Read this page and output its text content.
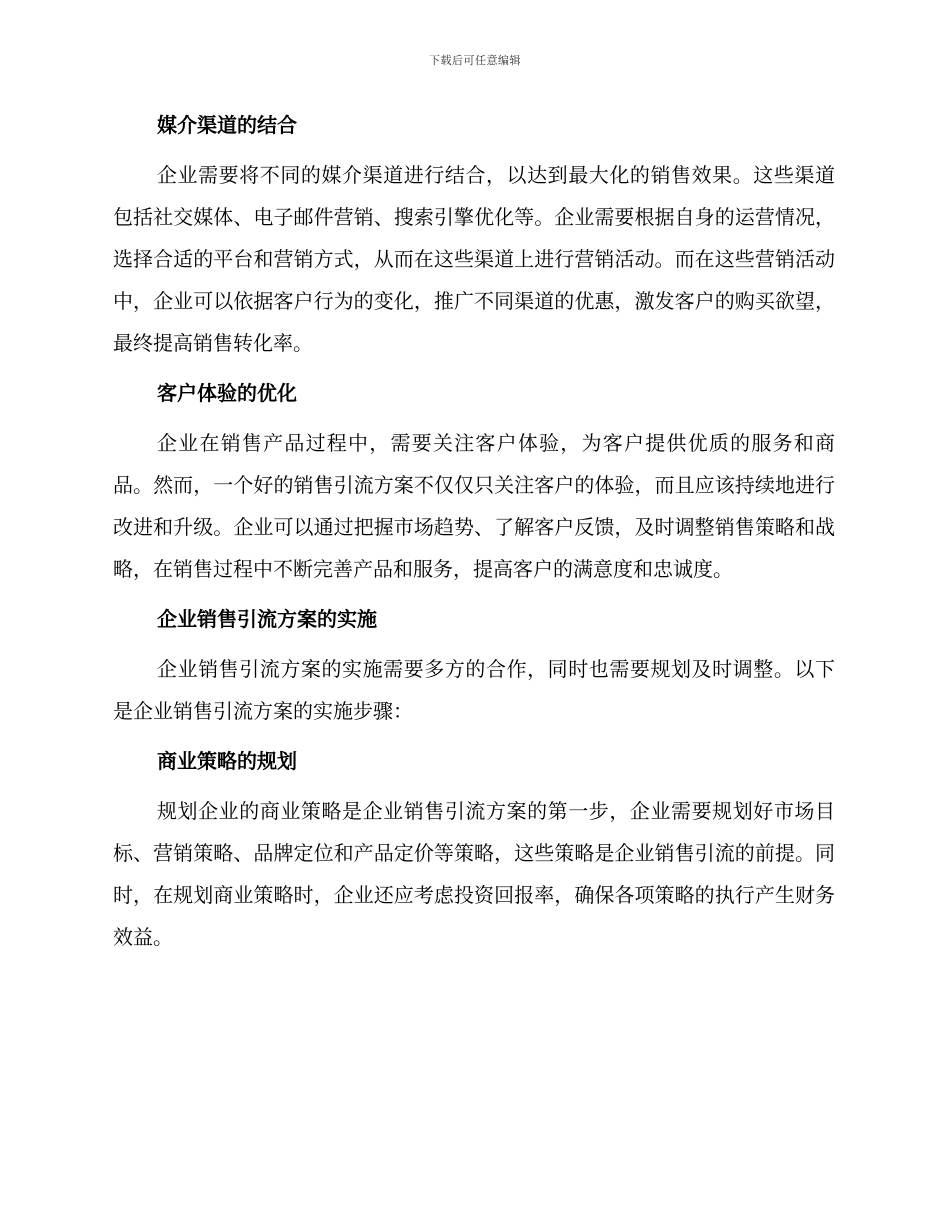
下载后可任意编辑
媒介渠道的结合

企业需要将不同的媒介渠道进行结合，以达到最大化的销售效果。这些渠道包括社交媒体、电子邮件营销、搜索引擎优化等。企业需要根据自身的运营情况，选择合适的平台和营销方式，从而在这些渠道上进行营销活动。而在这些营销活动中，企业可以依据客户行为的变化，推广不同渠道的优惠，激发客户的购买欲望，最终提高销售转化率。

客户体验的优化

企业在销售产品过程中，需要关注客户体验，为客户提供优质的服务和商品。然而，一个好的销售引流方案不仅仅只关注客户的体验，而且应该持续地进行改进和升级。企业可以通过把握市场趋势、了解客户反馈，及时调整销售策略和战略，在销售过程中不断完善产品和服务，提高客户的满意度和忠诚度。

企业销售引流方案的实施

企业销售引流方案的实施需要多方的合作，同时也需要规划及时调整。以下是企业销售引流方案的实施步骤：

商业策略的规划

规划企业的商业策略是企业销售引流方案的第一步，企业需要规划好市场目标、营销策略、品牌定位和产品定价等策略，这些策略是企业销售引流的前提。同时，在规划商业策略时，企业还应考虑投资回报率，确保各项策略的执行产生财务效益。
